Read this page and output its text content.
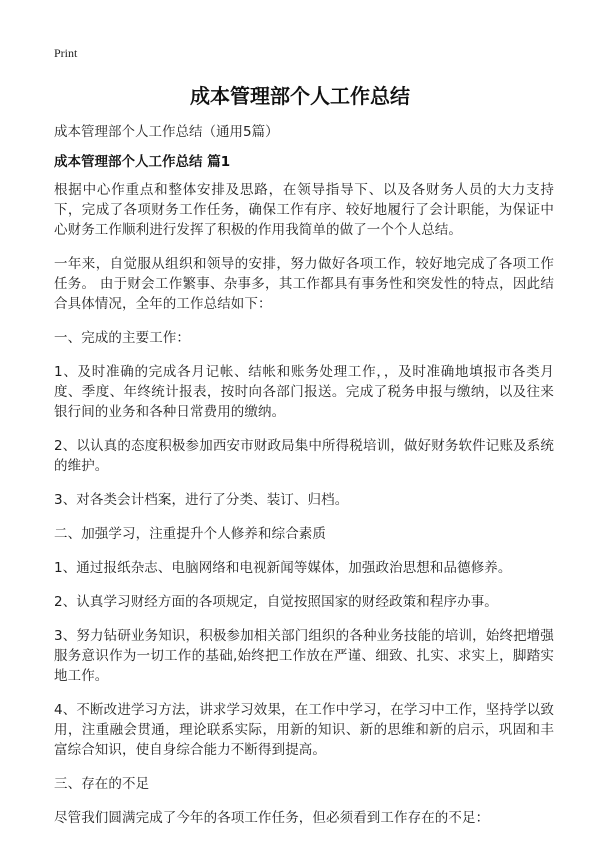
Print
成本管理部个人工作总结
成本管理部个人工作总结（通用5篇）
成本管理部个人工作总结 篇1

根据中心作重点和整体安排及思路，在领导指导下、以及各财务人员的大力支持下，完成了各项财务工作任务，确保工作有序、较好地履行了会计职能，为保证中心财务工作顺利进行发挥了积极的作用我简单的做了一个个人总结。

一年来，自觉服从组织和领导的安排，努力做好各项工作，较好地完成了各项工作任务。 由于财会工作繁事、杂事多，其工作都具有事务性和突发性的特点，因此结合具体情况，全年的工作总结如下：

一、完成的主要工作：

1、及时准确的完成各月记帐、结帐和账务处理工作，，及时准确地填报市各类月度、季度、年终统计报表，按时向各部门报送。完成了税务申报与缴纳，以及往来银行间的业务和各种日常费用的缴纳。

2、以认真的态度积极参加西安市财政局集中所得税培训，做好财务软件记账及系统的维护。

3、对各类会计档案，进行了分类、装订、归档。

二、加强学习，注重提升个人修养和综合素质

1、通过报纸杂志、电脑网络和电视新闻等媒体，加强政治思想和品德修养。

2、认真学习财经方面的各项规定，自觉按照国家的财经政策和程序办事。

3、努力钻研业务知识，积极参加相关部门组织的各种业务技能的培训，始终把增强服务意识作为一切工作的基础,始终把工作放在严谨、细致、扎实、求实上，脚踏实地工作。

4、不断改进学习方法，讲求学习效果，在工作中学习，在学习中工作，坚持学以致用，注重融会贯通，理论联系实际，用新的知识、新的思维和新的启示，巩固和丰富综合知识，使自身综合能力不断得到提高。

三、存在的不足

尽管我们圆满完成了今年的各项工作任务，但必须看到工作存在的不足：
